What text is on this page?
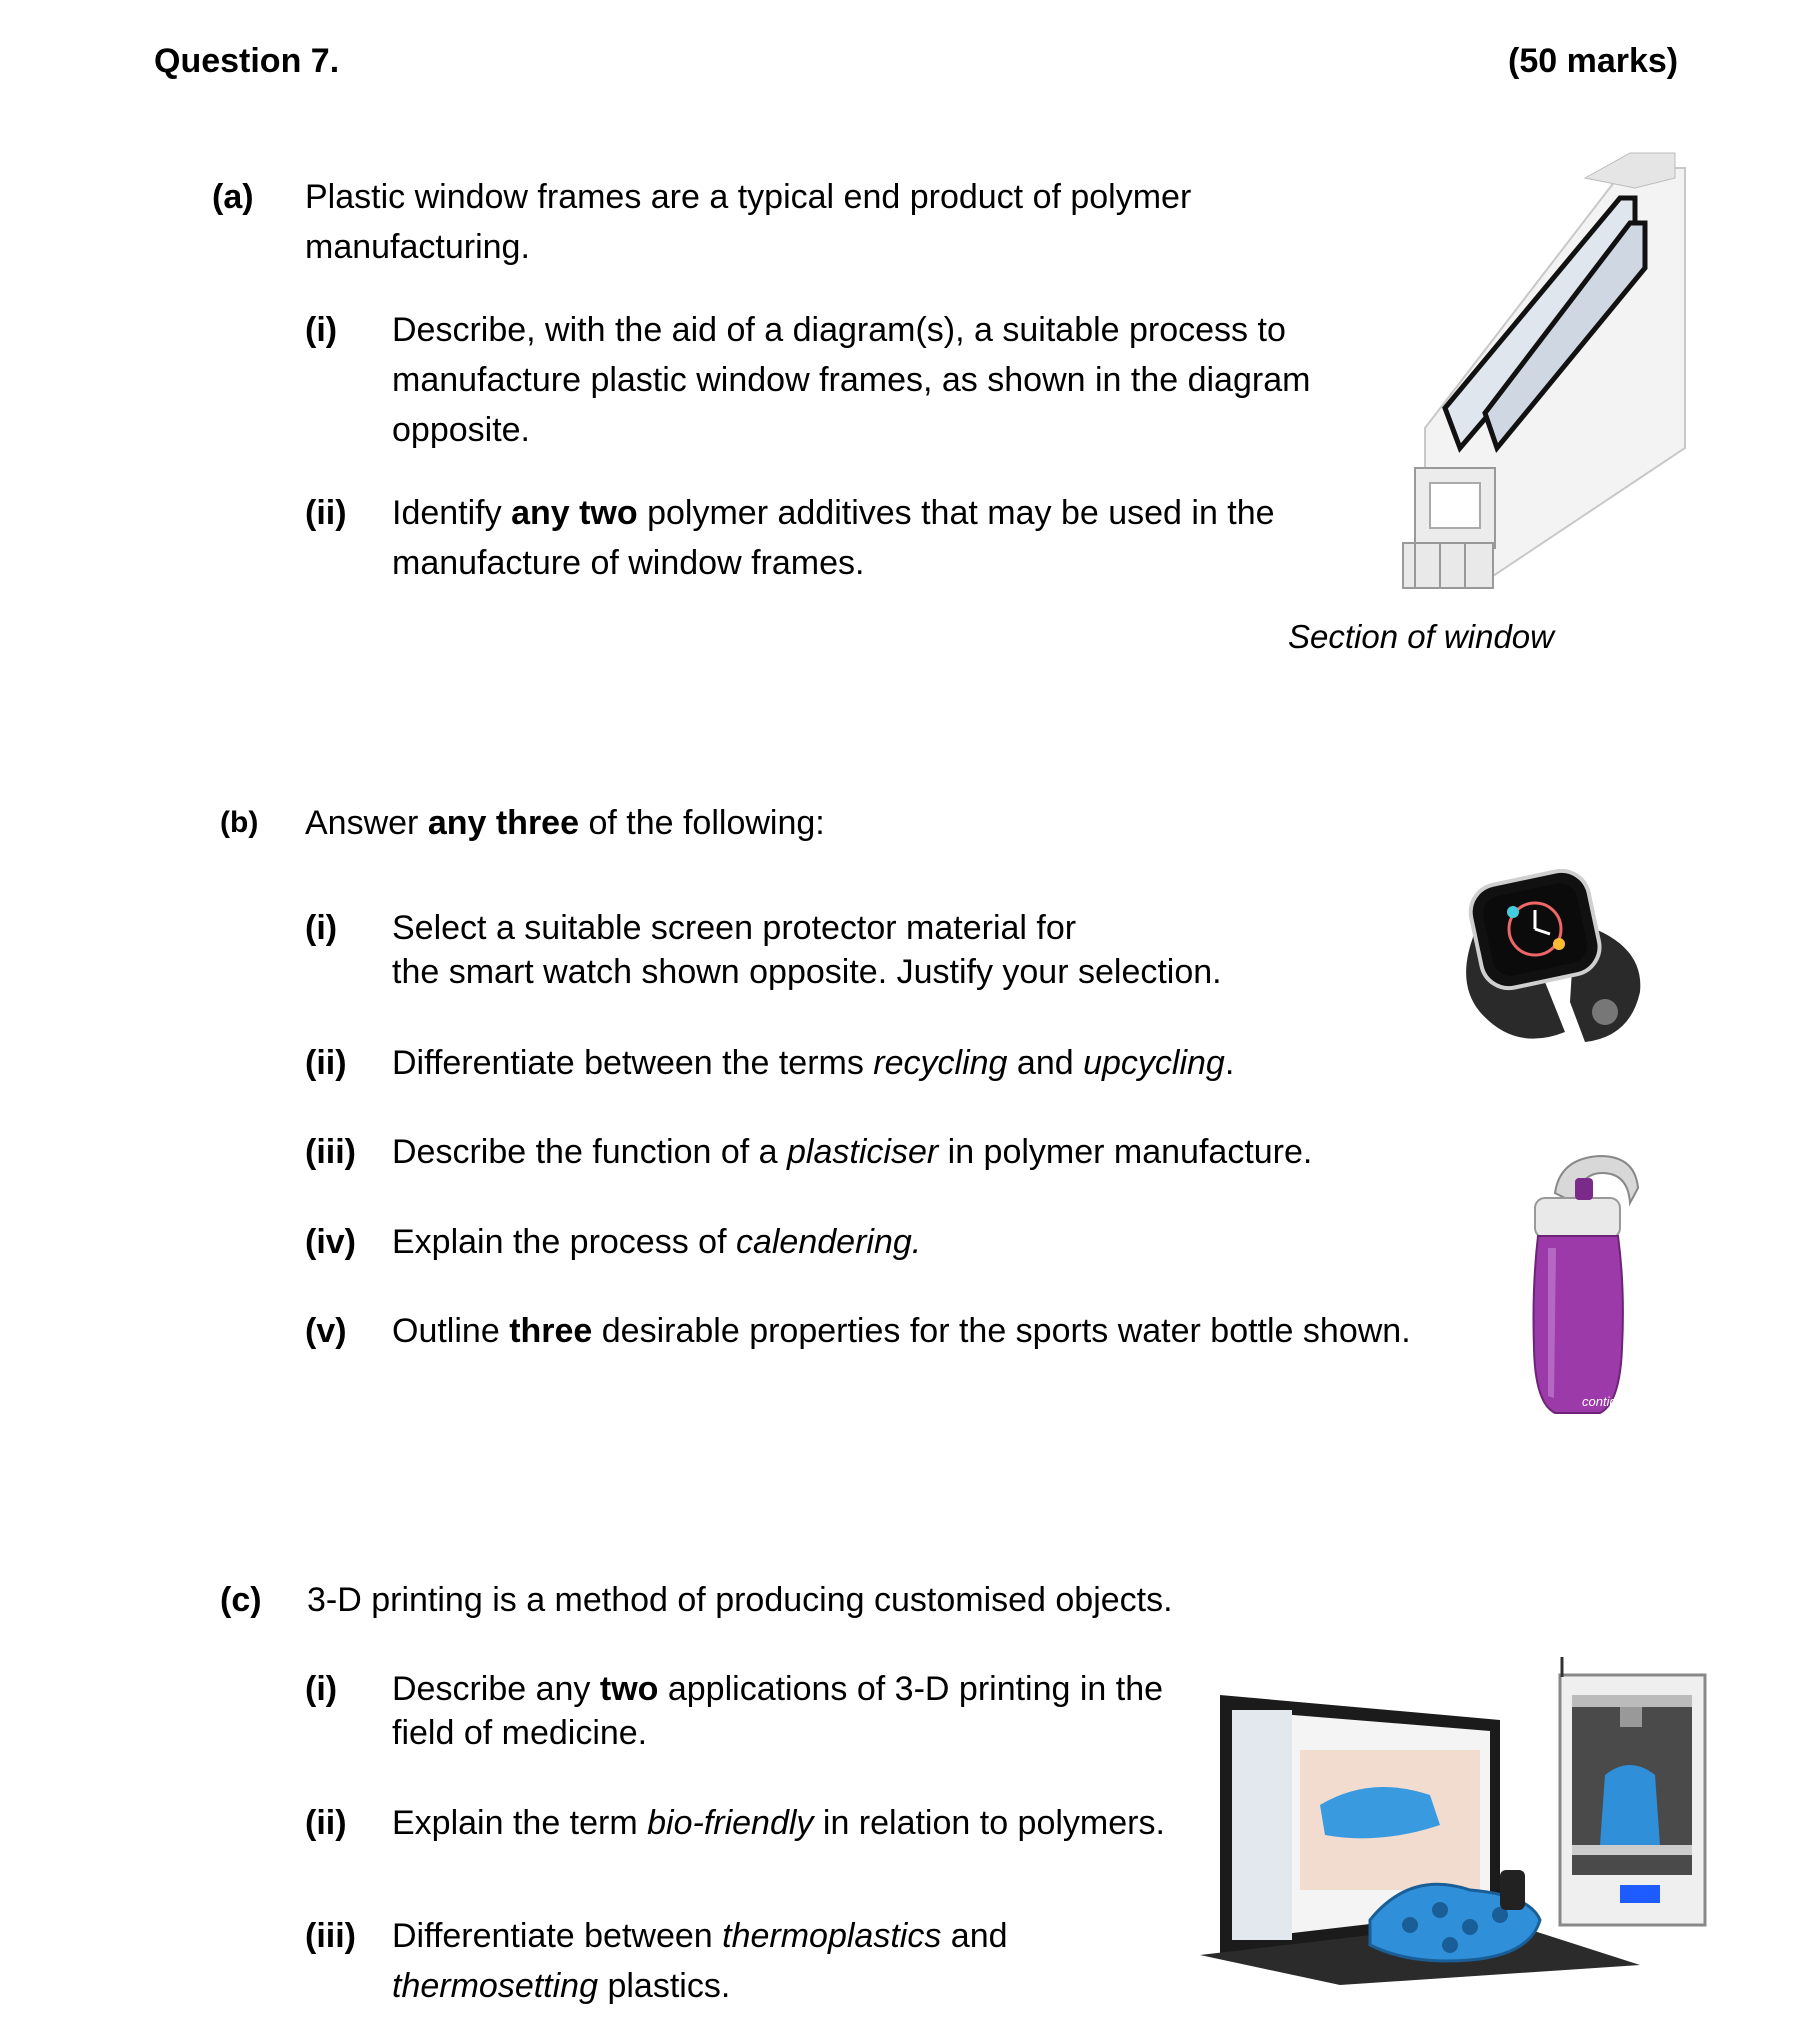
Question 7.	(50 marks)
(a) Plastic window frames are a typical end product of polymer
manufacturing.
(i) Describe, with the aid of a diagram(s), a suitable process to
manufacture plastic window frames, as shown in the diagram
opposite.
(ii) Identify any two polymer additives that may be used in the
manufacture of window frames.
Section of window
(b) Answer any three of the following:
(i) Select a suitable screen protector material for
the smart watch shown opposite. Justify your selection.
(ii) Differentiate between the terms recycling and upcycling.
(iii) Describe the function of a plasticiser in polymer manufacture.
(iv) Explain the process of calendering.
(v) Outline three desirable properties for the sports water bottle shown.
contigo
(c) 3-D printing is a method of producing customised objects.
(i) Describe any two applications of 3-D printing in the
field of medicine.
(ii) Explain the term bio-friendly in relation to polymers.
(iii) Differentiate between thermoplastics and
thermosetting plastics.
